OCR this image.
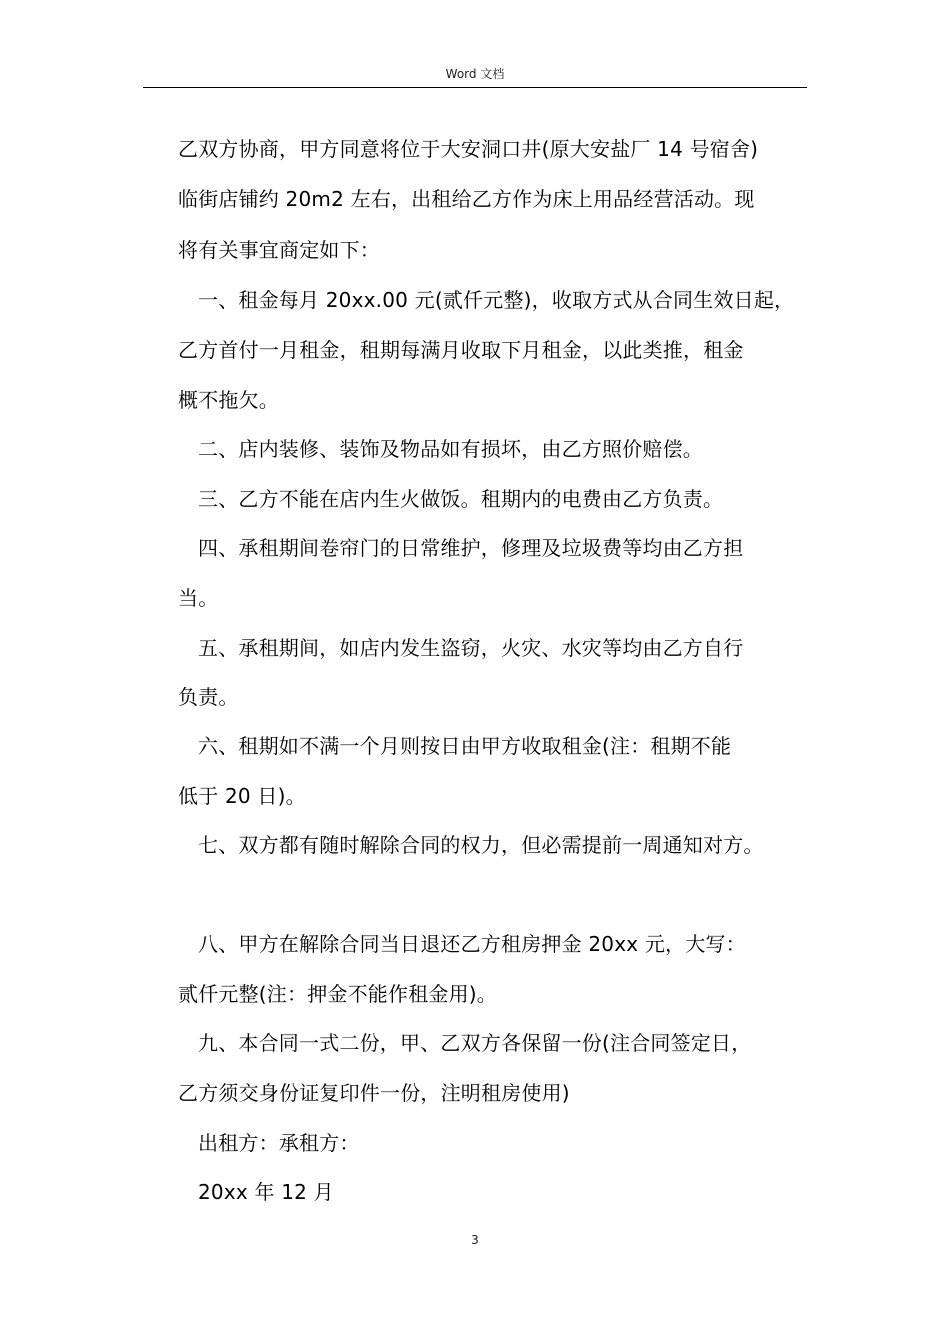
Word 文档
乙双方协商，甲方同意将位于大安洞口井(原大安盐厂 14 号宿舍)
临街店铺约 20m2 左右，出租给乙方作为床上用品经营活动。现
将有关事宜商定如下：
一、租金每月 20xx.00 元(贰仟元整)，收取方式从合同生效日起，
乙方首付一月租金，租期每满月收取下月租金，以此类推，租金
概不拖欠。
二、店内装修、装饰及物品如有损坏，由乙方照价赔偿。
三、乙方不能在店内生火做饭。租期内的电费由乙方负责。
四、承租期间卷帘门的日常维护，修理及垃圾费等均由乙方担
当。
五、承租期间，如店内发生盗窃，火灾、水灾等均由乙方自行
负责。
六、租期如不满一个月则按日由甲方收取租金(注：租期不能
低于 20 日)。
七、双方都有随时解除合同的权力，但必需提前一周通知对方。
八、甲方在解除合同当日退还乙方租房押金 20xx 元，大写：
贰仟元整(注：押金不能作租金用)。
九、本合同一式二份，甲、乙双方各保留一份(注合同签定日，
乙方须交身份证复印件一份，注明租房使用)
出租方：承租方：
20xx 年 12 月
3
